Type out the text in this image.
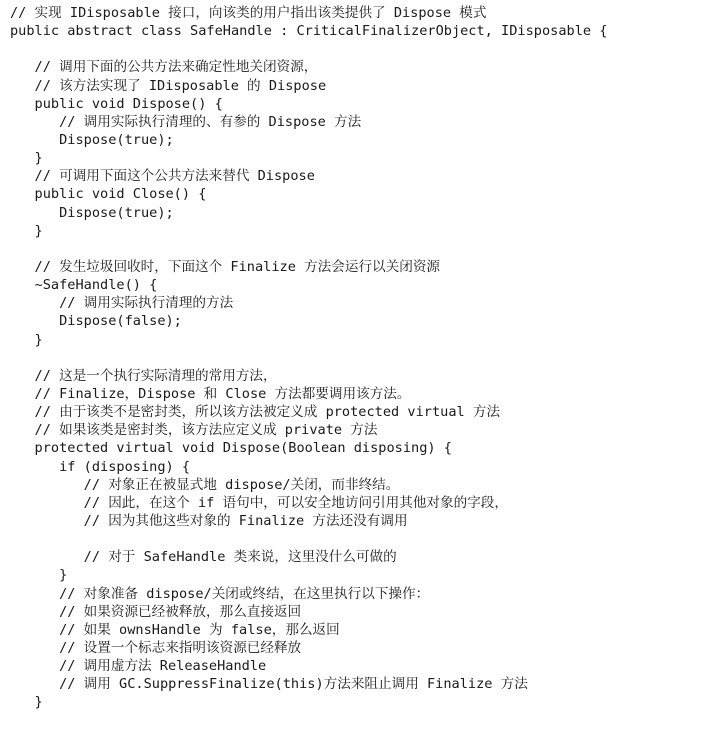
// 实现 IDisposable 接口，向该类的用户指出该类提供了 Dispose 模式
public abstract class SafeHandle : CriticalFinalizerObject, IDisposable {
// 调用下面的公共方法来确定性地关闭资源，
// 该方法实现了 IDisposable 的 Dispose
public void Dispose() {
// 调用实际执行清理的、有参的 Dispose 方法
Dispose(true);
}
// 可调用下面这个公共方法来替代 Dispose
public void Close() {
Dispose(true);
}
// 发生垃圾回收时，下面这个 Finalize 方法会运行以关闭资源
~SafeHandle() {
// 调用实际执行清理的方法
Dispose(false);
}
// 这是一个执行实际清理的常用方法，
// Finalize，Dispose 和 Close 方法都要调用该方法。
// 由于该类不是密封类，所以该方法被定义成 protected virtual 方法
// 如果该类是密封类，该方法应定义成 private 方法
protected virtual void Dispose(Boolean disposing) {
if (disposing) {
// 对象正在被显式地 dispose/关闭，而非终结。
// 因此，在这个 if 语句中，可以安全地访问引用其他对象的字段，
// 因为其他这些对象的 Finalize 方法还没有调用
// 对于 SafeHandle 类来说，这里没什么可做的
}
// 对象准备 dispose/关闭或终结，在这里执行以下操作：
// 如果资源已经被释放，那么直接返回
// 如果 ownsHandle 为 false，那么返回
// 设置一个标志来指明该资源已经释放
// 调用虚方法 ReleaseHandle
// 调用 GC.SuppressFinalize(this)方法来阻止调用 Finalize 方法
}
